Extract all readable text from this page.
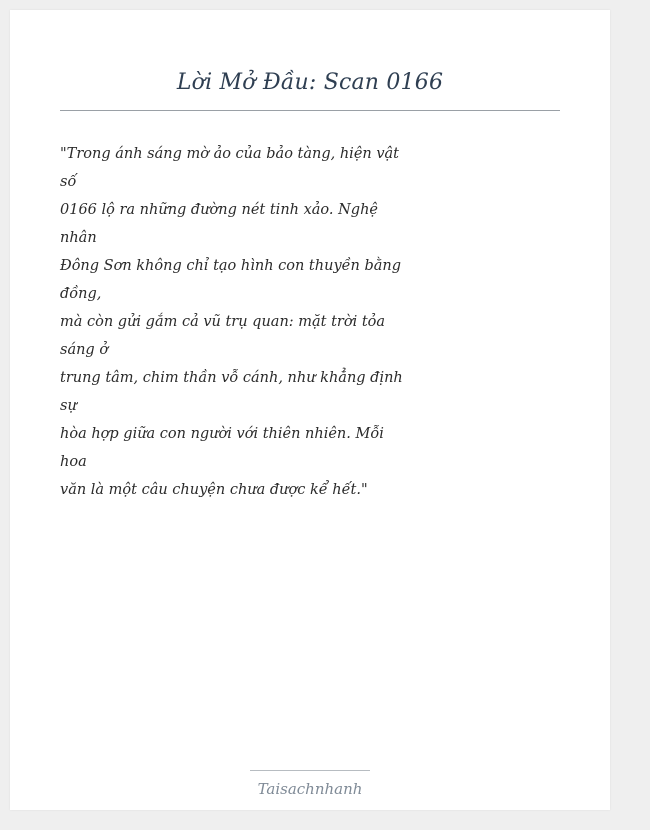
Lời Mở Đầu: Scan 0166
"Trong ánh sáng mờ ảo của bảo tàng, hiện vật
số
0166 lộ ra những đường nét tinh xảo. Nghệ
nhân
Đông Sơn không chỉ tạo hình con thuyền bằng
đồng,
mà còn gửi gắm cả vũ trụ quan: mặt trời tỏa
sáng ở
trung tâm, chim thần vỗ cánh, như khẳng định
sự
hòa hợp giữa con người với thiên nhiên. Mỗi
hoa
văn là một câu chuyện chưa được kể hết."
Taisachnhanh
